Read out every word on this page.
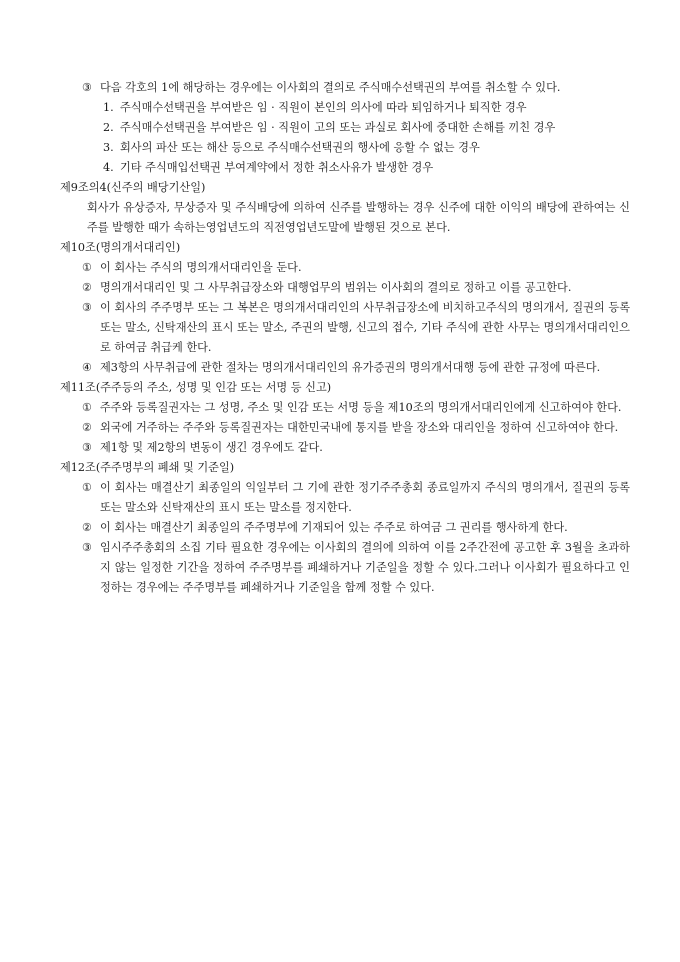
③ 다음 각호의 1에 해당하는 경우에는 이사회의 결의로 주식매수선택권의 부여를 취소할 수 있다.
1. 주식매수선택권을 부여받은 임 · 직원이 본인의 의사에 따라 퇴임하거나 퇴직한 경우
2. 주식매수선택권을 부여받은 임 · 직원이 고의 또는 과실로 회사에 중대한 손해를 끼친 경우
3. 회사의 파산 또는 해산 등으로 주식매수선택권의 행사에 응할 수 없는 경우
4. 기타 주식매입선택권 부여계약에서 정한 취소사유가 발생한 경우
제9조의4(신주의 배당기산일)
회사가 유상증자, 무상증자 및 주식배당에 의하여 신주를 발행하는 경우 신주에 대한 이익의 배당에 관하여는 신주를 발행한 때가 속하는영업년도의 직전영업년도말에 발행된 것으로 본다.
제10조(명의개서대리인)
① 이 회사는 주식의 명의개서대리인을 둔다.
② 명의개서대리인 및 그 사무취급장소와 대행업무의 범위는 이사회의 결의로 정하고 이를 공고한다.
③ 이 회사의 주주명부 또는 그 복본은 명의개서대리인의 사무취급장소에 비치하고주식의 명의개서, 질권의 등록 또는 말소, 신탁재산의 표시 또는 말소, 주권의 발행, 신고의 접수, 기타 주식에 관한 사무는 명의개서대리인으로 하여금 취급케 한다.
④ 제3항의 사무취급에 관한 절차는 명의개서대리인의 유가증권의 명의개서대행 등에 관한 규정에 따른다.
제11조(주주등의 주소, 성명 및 인감 또는 서명 등 신고)
① 주주와 등록질권자는 그 성명, 주소 및 인감 또는 서명 등을 제10조의 명의개서대리인에게 신고하여야 한다.
② 외국에 거주하는 주주와 등록질권자는 대한민국내에 통지를 받을 장소와 대리인을 정하여 신고하여야 한다.
③ 제1항 및 제2항의 변동이 생긴 경우에도 같다.
제12조(주주명부의 폐쇄 및 기준일)
① 이 회사는 매결산기 최종일의 익일부터 그 기에 관한 정기주주총회 종료일까지 주식의 명의개서, 질권의 등록 또는 말소와 신탁재산의 표시 또는 말소를 정지한다.
② 이 회사는 매결산기 최종일의 주주명부에 기재되어 있는 주주로 하여금 그 권리를 행사하게 한다.
③ 임시주주총회의 소집 기타 필요한 경우에는 이사회의 결의에 의하여 이를 2주간전에 공고한 후 3월을 초과하지 않는 일정한 기간을 정하여 주주명부를 폐쇄하거나 기준일을 정할 수 있다.그러나 이사회가 필요하다고 인정하는 경우에는 주주명부를 폐쇄하거나 기준일을 함께 정할 수 있다.
